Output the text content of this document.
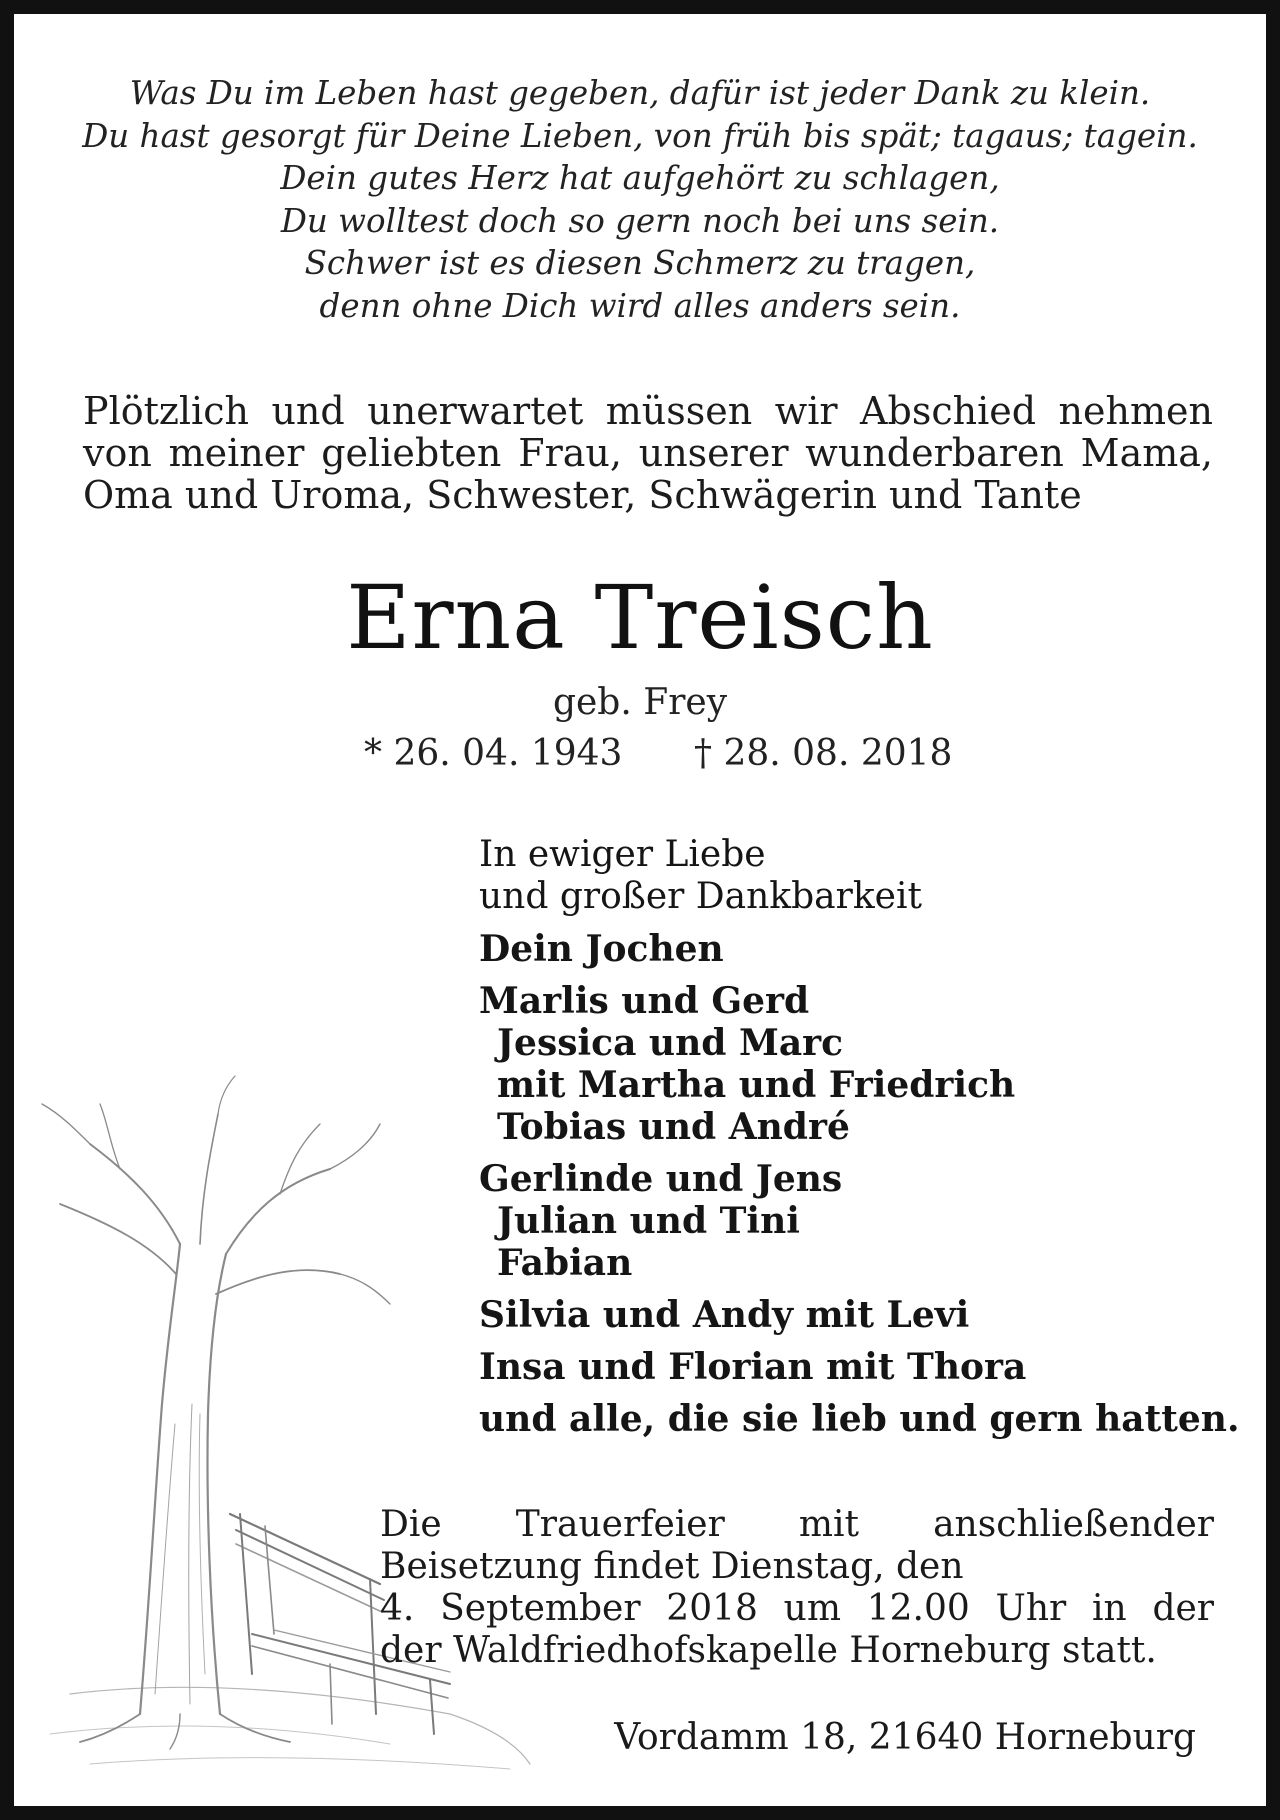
Was Du im Leben hast gegeben, dafür ist jeder Dank zu klein.
Du hast gesorgt für Deine Lieben, von früh bis spät; tagaus; tagein.
Dein gutes Herz hat aufgehört zu schlagen,
Du wolltest doch so gern noch bei uns sein.
Schwer ist es diesen Schmerz zu tragen,
denn ohne Dich wird alles anders sein.
Plötzlich und unerwartet müssen wir Abschied nehmen
von meiner geliebten Frau, unserer wunderbaren Mama,
Oma und Uroma, Schwester, Schwägerin und Tante
Erna Treisch
geb. Frey
* 26. 04. 1943 † 28. 08. 2018
In ewiger Liebe
und großer Dankbarkeit
Dein Jochen
Marlis und Gerd
Jessica und Marc
mit Martha und Friedrich
Tobias und André
Gerlinde und Jens
Julian und Tini
Fabian
Silvia und Andy mit Levi
Insa und Florian mit Thora
und alle, die sie lieb und gern hatten.
Die Trauerfeier mit anschließender
Beisetzung findet Dienstag, den
4. September 2018 um 12.00 Uhr in der
der Waldfriedhofskapelle Horneburg statt.
Vordamm 18, 21640 Horneburg
